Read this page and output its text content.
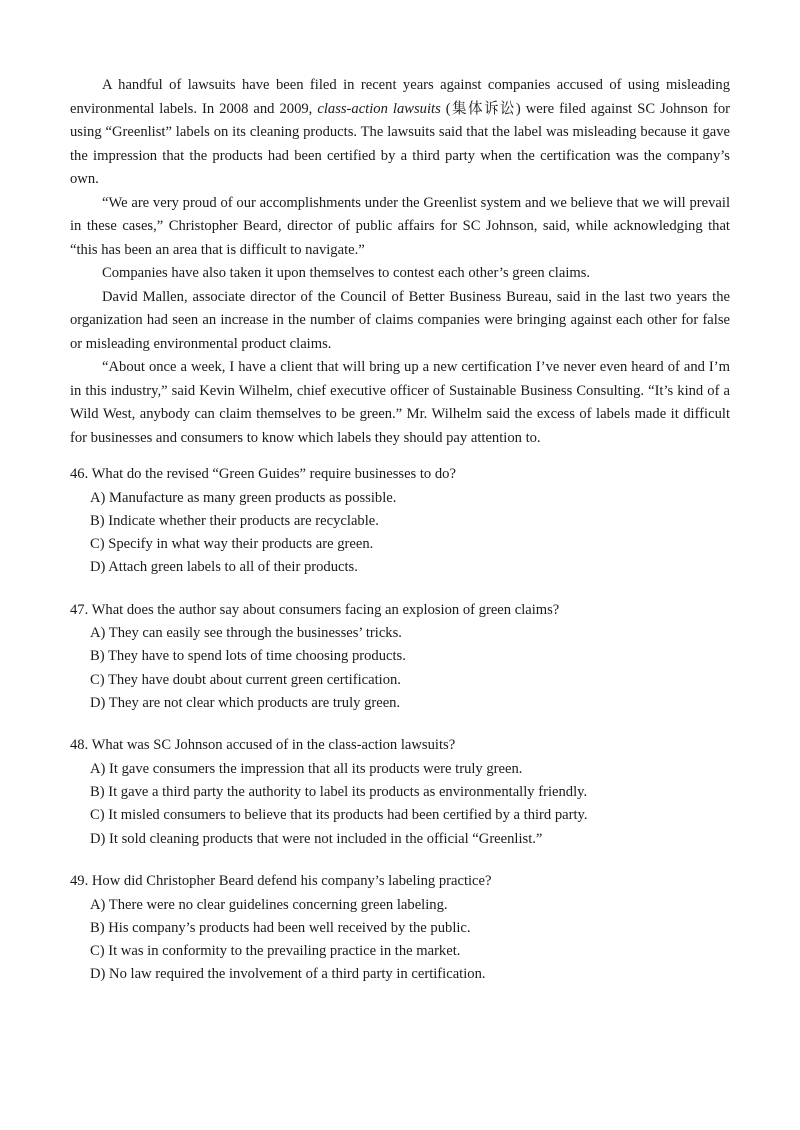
A handful of lawsuits have been filed in recent years against companies accused of using misleading environmental labels. In 2008 and 2009, class-action lawsuits (集体诉讼) were filed against SC Johnson for using “Greenlist” labels on its cleaning products. The lawsuits said that the label was misleading because it gave the impression that the products had been certified by a third party when the certification was the company’s own.

“We are very proud of our accomplishments under the Greenlist system and we believe that we will prevail in these cases,” Christopher Beard, director of public affairs for SC Johnson, said, while acknowledging that “this has been an area that is difficult to navigate.”

Companies have also taken it upon themselves to contest each other’s green claims.

David Mallen, associate director of the Council of Better Business Bureau, said in the last two years the organization had seen an increase in the number of claims companies were bringing against each other for false or misleading environmental product claims.

“About once a week, I have a client that will bring up a new certification I’ve never even heard of and I’m in this industry,” said Kevin Wilhelm, chief executive officer of Sustainable Business Consulting. “It’s kind of a Wild West, anybody can claim themselves to be green.” Mr. Wilhelm said the excess of labels made it difficult for businesses and consumers to know which labels they should pay attention to.

46. What do the revised “Green Guides” require businesses to do?

A) Manufacture as many green products as possible.
B) Indicate whether their products are recyclable.
C) Specify in what way their products are green.
D) Attach green labels to all of their products.

47. What does the author say about consumers facing an explosion of green claims?

A) They can easily see through the businesses’ tricks.
B) They have to spend lots of time choosing products.
C) They have doubt about current green certification.
D) They are not clear which products are truly green.

48. What was SC Johnson accused of in the class-action lawsuits?

A) It gave consumers the impression that all its products were truly green.
B) It gave a third party the authority to label its products as environmentally friendly.
C) It misled consumers to believe that its products had been certified by a third party.
D) It sold cleaning products that were not included in the official “Greenlist.”

49. How did Christopher Beard defend his company’s labeling practice?

A) There were no clear guidelines concerning green labeling.
B) His company’s products had been well received by the public.
C) It was in conformity to the prevailing practice in the market.
D) No law required the involvement of a third party in certification.
